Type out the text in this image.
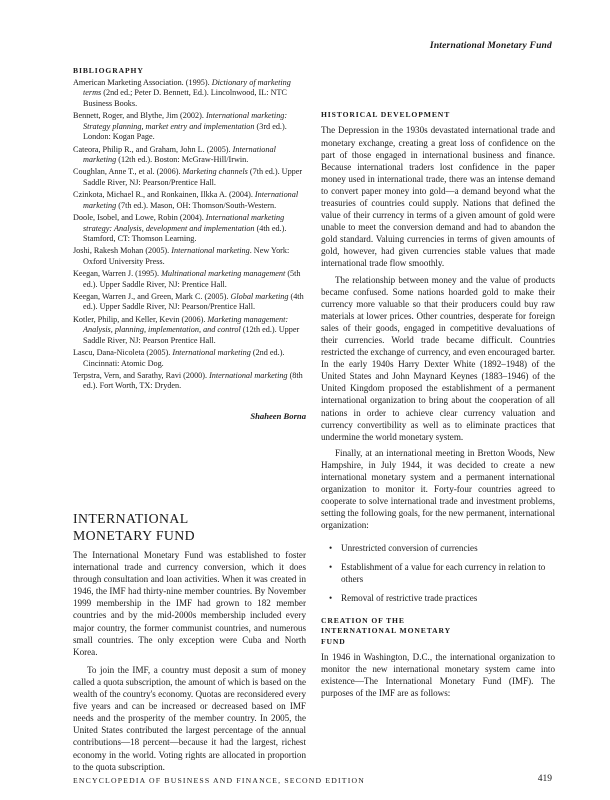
International Monetary Fund
BIBLIOGRAPHY
American Marketing Association. (1995). Dictionary of marketing terms (2nd ed.; Peter D. Bennett, Ed.). Lincolnwood, IL: NTC Business Books.
Bennett, Roger, and Blythe, Jim (2002). International marketing: Strategy planning, market entry and implementation (3rd ed.). London: Kogan Page.
Cateora, Philip R., and Graham, John L. (2005). International marketing (12th ed.). Boston: McGraw-Hill/Irwin.
Coughlan, Anne T., et al. (2006). Marketing channels (7th ed.). Upper Saddle River, NJ: Pearson/Prentice Hall.
Czinkota, Michael R., and Ronkainen, Ilkka A. (2004). International marketing (7th ed.). Mason, OH: Thomson/South-Western.
Doole, Isobel, and Lowe, Robin (2004). International marketing strategy: Analysis, development and implementation (4th ed.). Stamford, CT: Thomson Learning.
Joshi, Rakesh Mohan (2005). International marketing. New York: Oxford University Press.
Keegan, Warren J. (1995). Multinational marketing management (5th ed.). Upper Saddle River, NJ: Prentice Hall.
Keegan, Warren J., and Green, Mark C. (2005). Global marketing (4th ed.). Upper Saddle River, NJ: Pearson/Prentice Hall.
Kotler, Philip, and Keller, Kevin (2006). Marketing management: Analysis, planning, implementation, and control (12th ed.). Upper Saddle River, NJ: Pearson Prentice Hall.
Lascu, Dana-Nicoleta (2005). International marketing (2nd ed.). Cincinnati: Atomic Dog.
Terpstra, Vern, and Sarathy, Ravi (2000). International marketing (8th ed.). Fort Worth, TX: Dryden.
Shaheen Borna
INTERNATIONAL
MONETARY FUND

The International Monetary Fund was established to foster international trade and currency conversion, which it does through consultation and loan activities. When it was created in 1946, the IMF had thirty-nine member countries. By November 1999 membership in the IMF had grown to 182 member countries and by the mid-2000s membership included every major country, the former communist countries, and numerous small countries. The only exception were Cuba and North Korea.

To join the IMF, a country must deposit a sum of money called a quota subscription, the amount of which is based on the wealth of the country's economy. Quotas are reconsidered every five years and can be increased or decreased based on IMF needs and the prosperity of the member country. In 2005, the United States contributed the largest percentage of the annual contributions—18 percent—because it had the largest, richest economy in the world. Voting rights are allocated in proportion to the quota subscription.

HISTORICAL DEVELOPMENT

The Depression in the 1930s devastated international trade and monetary exchange, creating a great loss of confidence on the part of those engaged in international business and finance. Because international traders lost confidence in the paper money used in international trade, there was an intense demand to convert paper money into gold—a demand beyond what the treasuries of countries could supply. Nations that defined the value of their currency in terms of a given amount of gold were unable to meet the conversion demand and had to abandon the gold standard. Valuing currencies in terms of given amounts of gold, however, had given currencies stable values that made international trade flow smoothly.

The relationship between money and the value of products became confused. Some nations hoarded gold to make their currency more valuable so that their producers could buy raw materials at lower prices. Other countries, desperate for foreign sales of their goods, engaged in competitive devaluations of their currencies. World trade became difficult. Countries restricted the exchange of currency, and even encouraged barter. In the early 1940s Harry Dexter White (1892–1948) of the United States and John Maynard Keynes (1883–1946) of the United Kingdom proposed the establishment of a permanent international organization to bring about the cooperation of all nations in order to achieve clear currency valuation and currency convertibility as well as to eliminate practices that undermine the world monetary system.

Finally, at an international meeting in Bretton Woods, New Hampshire, in July 1944, it was decided to create a new international monetary system and a permanent international organization to monitor it. Forty-four countries agreed to cooperate to solve international trade and investment problems, setting the following goals, for the new permanent, international organization:

• Unrestricted conversion of currencies
• Establishment of a value for each currency in relation to others
• Removal of restrictive trade practices
CREATION OF THE
INTERNATIONAL MONETARY
FUND

In 1946 in Washington, D.C., the international organization to monitor the new international monetary system came into existence—The International Monetary Fund (IMF). The purposes of the IMF are as follows:

ENCYCLOPEDIA OF BUSINESS AND FINANCE, SECOND EDITION	419
